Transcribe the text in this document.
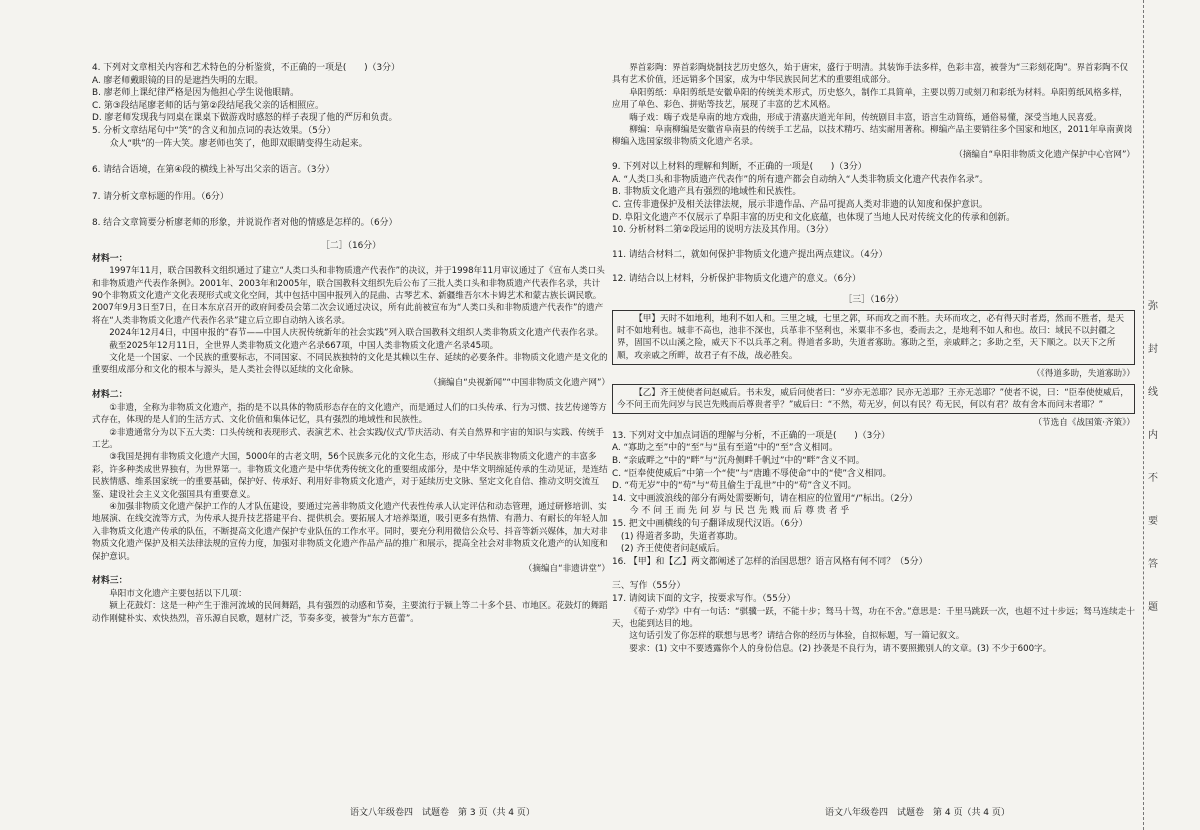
4. 下列对文章相关内容和艺术特色的分析鉴赏，不正确的一项是(　　)（3分）

A. 廖老师戴眼镜的目的是遮挡失明的左眼。

B. 廖老师上课纪律严格是因为他担心学生说他眼睛。

C. 第③段结尾廖老师的话与第②段结尾我父亲的话相照应。

D. 廖老师发现我与同桌在课桌下做游戏时感怒的样子表现了他的严厉和负责。

5. 分析文章结尾句中“笑”的含义和加点词的表达效果。（5分）

众人“哄”的一阵大笑。廖老师也笑了，他即双眼睛变得生动起来。

6. 请结合语境，在第④段的横线上补写出父亲的语言。（3分）

7. 请分析文章标题的作用。（6分）

8. 结合文章简要分析廖老师的形象，并说说作者对他的情感是怎样的。（6分）

［二］（16分）

材料一：

1997年11月，联合国教科文组织通过了建立“人类口头和非物质遗产代表作”的决议，并于1998年11月审议通过了《宣布人类口头和非物质遗产代表作条例》。2001年、2003年和2005年，联合国教科文组织先后公布了三批人类口头和非物质遗产代表作名录，共计90个非物质文化遗产文化表现形式或文化空间，其中包括中国申报列入的昆曲、古琴艺术、新疆维吾尔木卡姆艺术和蒙古族长调民歌。2007年9月3日至7日，在日本东京召开的政府间委员会第二次会议通过决议，所有此前被宣布为“人类口头和非物质遗产代表作”的遗产将在“人类非物质文化遗产代表作名录”建立后立即自动纳入该名录。

2024年12月4日，中国申报的“春节——中国人庆祝传统新年的社会实践”列入联合国教科文组织人类非物质文化遗产代表作名录。

截至2025年12月11日，全世界人类非物质文化遗产名录667项，中国人类非物质文化遗产名录45项。

文化是一个国家、一个民族的重要标志，不同国家、不同民族独特的文化是其赖以生存、延续的必要条件。非物质文化遗产是文化的重要组成部分和文化的根本与源头，是人类社会得以延续的文化命脉。

（摘编自“央视新闻”“中国非物质文化遗产网”）

材料二：

①非遗，全称为非物质文化遗产，指的是不以具体的物质形态存在的文化遗产，而是通过人们的口头传承、行为习惯、技艺传递等方式存在，体现的是人们的生活方式、文化价值和集体记忆，具有强烈的地域性和民族性。

②非遗通常分为以下五大类：口头传统和表现形式、表演艺术、社会实践/仪式/节庆活动、有关自然界和宇宙的知识与实践、传统手工艺。

③我国是拥有非物质文化遗产大国，5000年的古老文明，56个民族多元化的文化生态，形成了中华民族非物质文化遗产的丰富多彩，许多种类成世界独有，为世界第一。非物质文化遗产是中华优秀传统文化的重要组成部分，是中华文明绵延传承的生动见证，是连结民族情感、维系国家统一的重要基础，保护好、传承好、利用好非物质文化遗产，对于延续历史文脉、坚定文化自信、推动文明交流互鉴、建设社会主义文化强国具有重要意义。

④加强非物质文化遗产保护工作的人才队伍建设，要通过完善非物质文化遗产代表性传承人认定评估和动态管理，通过研修培训、实地展演、在线交流等方式，为传承人提升技艺搭建平台、提供机会。要拓展人才培养渠道，吸引更多有热情、有潜力、有耐长的年轻人加入非物质文化遗产传承的队伍，不断提高文化遗产保护专业队伍的工作水平。同时，要充分利用微信公众号、抖音等新兴媒体，加大对非物质文化遗产保护及相关法律法规的宣传力度，加强对非物质文化遗产作品产品的推广和展示，提高全社会对非物质文化遗产的认知度和保护意识。

（摘编自“非遗讲堂”）

材料三：

阜阳市文化遗产主要包括以下几项：

颍上花鼓灯：这是一种产生于淮河流域的民间舞蹈，具有强烈的动感和节奏，主要流行于颍上等二十多个县、市地区。花鼓灯的舞蹈动作刚健朴实、欢快热烈，音乐源自民歌，题材广泛，节奏多变，被誉为“东方芭蕾”。

语文八年级卷四　试题卷　第 3 页（共 4 页）

界首彩陶：界首彩陶烧制技艺历史悠久，始于唐宋，盛行于明清。其装饰手法多样，色彩丰富，被誉为“三彩刻花陶”。界首彩陶不仅具有艺术价值，还远销多个国家，成为中华民族民间艺术的重要组成部分。

阜阳剪纸：阜阳剪纸是安徽阜阳的传统美术形式，历史悠久，制作工具简单，主要以剪刀或刻刀和彩纸为材料。阜阳剪纸风格多样，应用了单色、彩色、拼贴等技艺，展现了丰富的艺术风格。

嗨子戏：嗨子戏是阜南的地方戏曲，形成于清嘉庆道光年间，传统剧目丰富，语言生动简练，通俗易懂，深受当地人民喜爱。

柳编：阜南柳编是安徽省阜南县的传统手工艺品，以技术精巧、结实耐用著称。柳编产品主要销往多个国家和地区，2011年阜南黄岗柳编入选国家级非物质文化遗产名录。

（摘编自“阜阳非物质文化遗产保护中心官网”）

9. 下列对以上材料的理解和判断，不正确的一项是(　　)（3分）

A. “人类口头和非物质遗产代表作”的所有遗产都会自动纳入“人类非物质文化遗产代表作名录”。

B. 非物质文化遗产具有强烈的地域性和民族性。

C. 宣传非遗保护及相关法律法规，展示非遗作品、产品可提高人类对非遗的认知度和保护意识。

D. 阜阳文化遗产不仅展示了阜阳丰富的历史和文化底蕴，也体现了当地人民对传统文化的传承和创新。

10. 分析材料二第②段运用的说明方法及其作用。（3分）

11. 请结合材料二，就如何保护非物质文化遗产提出两点建议。（4分）

12. 请结合以上材料，分析保护非物质文化遗产的意义。（6分）

［三］（16分）

【甲】天时不如地利，地利不如人和。三里之城，七里之郭，环而攻之而不胜。夫环而攻之，必有得天时者焉，然而不胜者，是天时不如地利也。城非不高也，池非不深也，兵革非不坚利也，米粟非不多也，委而去之，是地利不如人和也。故曰：域民不以封疆之界，固国不以山溪之险，威天下不以兵革之利。得道者多助，失道者寡助。寡助之至，亲戚畔之；多助之至，天下顺之。以天下之所顺，攻亲戚之所畔，故君子有不战，战必胜矣。

（《得道多助，失道寡助》）

【乙】齐王使使者问赵威后。书未发，威后问使者曰：“岁亦无恙耶？民亦无恙耶？王亦无恙耶？”使者不说，曰：“臣奉使使威后，今不问王而先问岁与民岂先贱而后尊贵者乎？”威后曰：“不然，苟无岁，何以有民？苟无民，何以有君？故有舍本而问末者耶？”

（节选自《战国策·齐策》）

13. 下列对文中加点词语的理解与分析，不正确的一项是(　　)（3分）

A. “寡助之至”中的“至”与“虽有至道”中的“至”含义相同。

B. “亲戚畔之”中的“畔”与“沉舟侧畔千帆过”中的“畔”含义不同。

C. “臣奉使使威后”中第一个“使”与“唐雎不辱使命”中的“使”含义相同。

D. “苟无岁”中的“苟”与“苟且偷生于乱世”中的“苟”含义不同。

14. 文中画波浪线的部分有两处需要断句，请在相应的位置用“/”标出。（2分）

今 不 问 王 而 先 问 岁 与 民 岂 先 贱 而 后 尊 贵 者 乎

15. 把文中画横线的句子翻译成现代汉语。（6分）

(1) 得道者多助，失道者寡助。

(2) 齐王使使者问赵威后。

16. 【甲】和【乙】两文都阐述了怎样的治国思想？语言风格有何不同？（5分）

三、写作（55分）

17. 请阅读下面的文字，按要求写作。（55分）

《荀子·劝学》中有一句话：“骐骥一跃，不能十步；驽马十驾，功在不舍。”意思是：千里马跳跃一次，也超不过十步远；驽马连续走十天，也能到达目的地。

这句话引发了你怎样的联想与思考？请结合你的经历与体验，自拟标题，写一篇记叙文。

要求：(1) 文中不要透露你个人的身份信息。(2) 抄袭是不良行为，请不要照搬别人的文章。(3) 不少于600字。

语文八年级卷四　试题卷　第 4 页（共 4 页）
弥
封
线
内
不
要
答
题
